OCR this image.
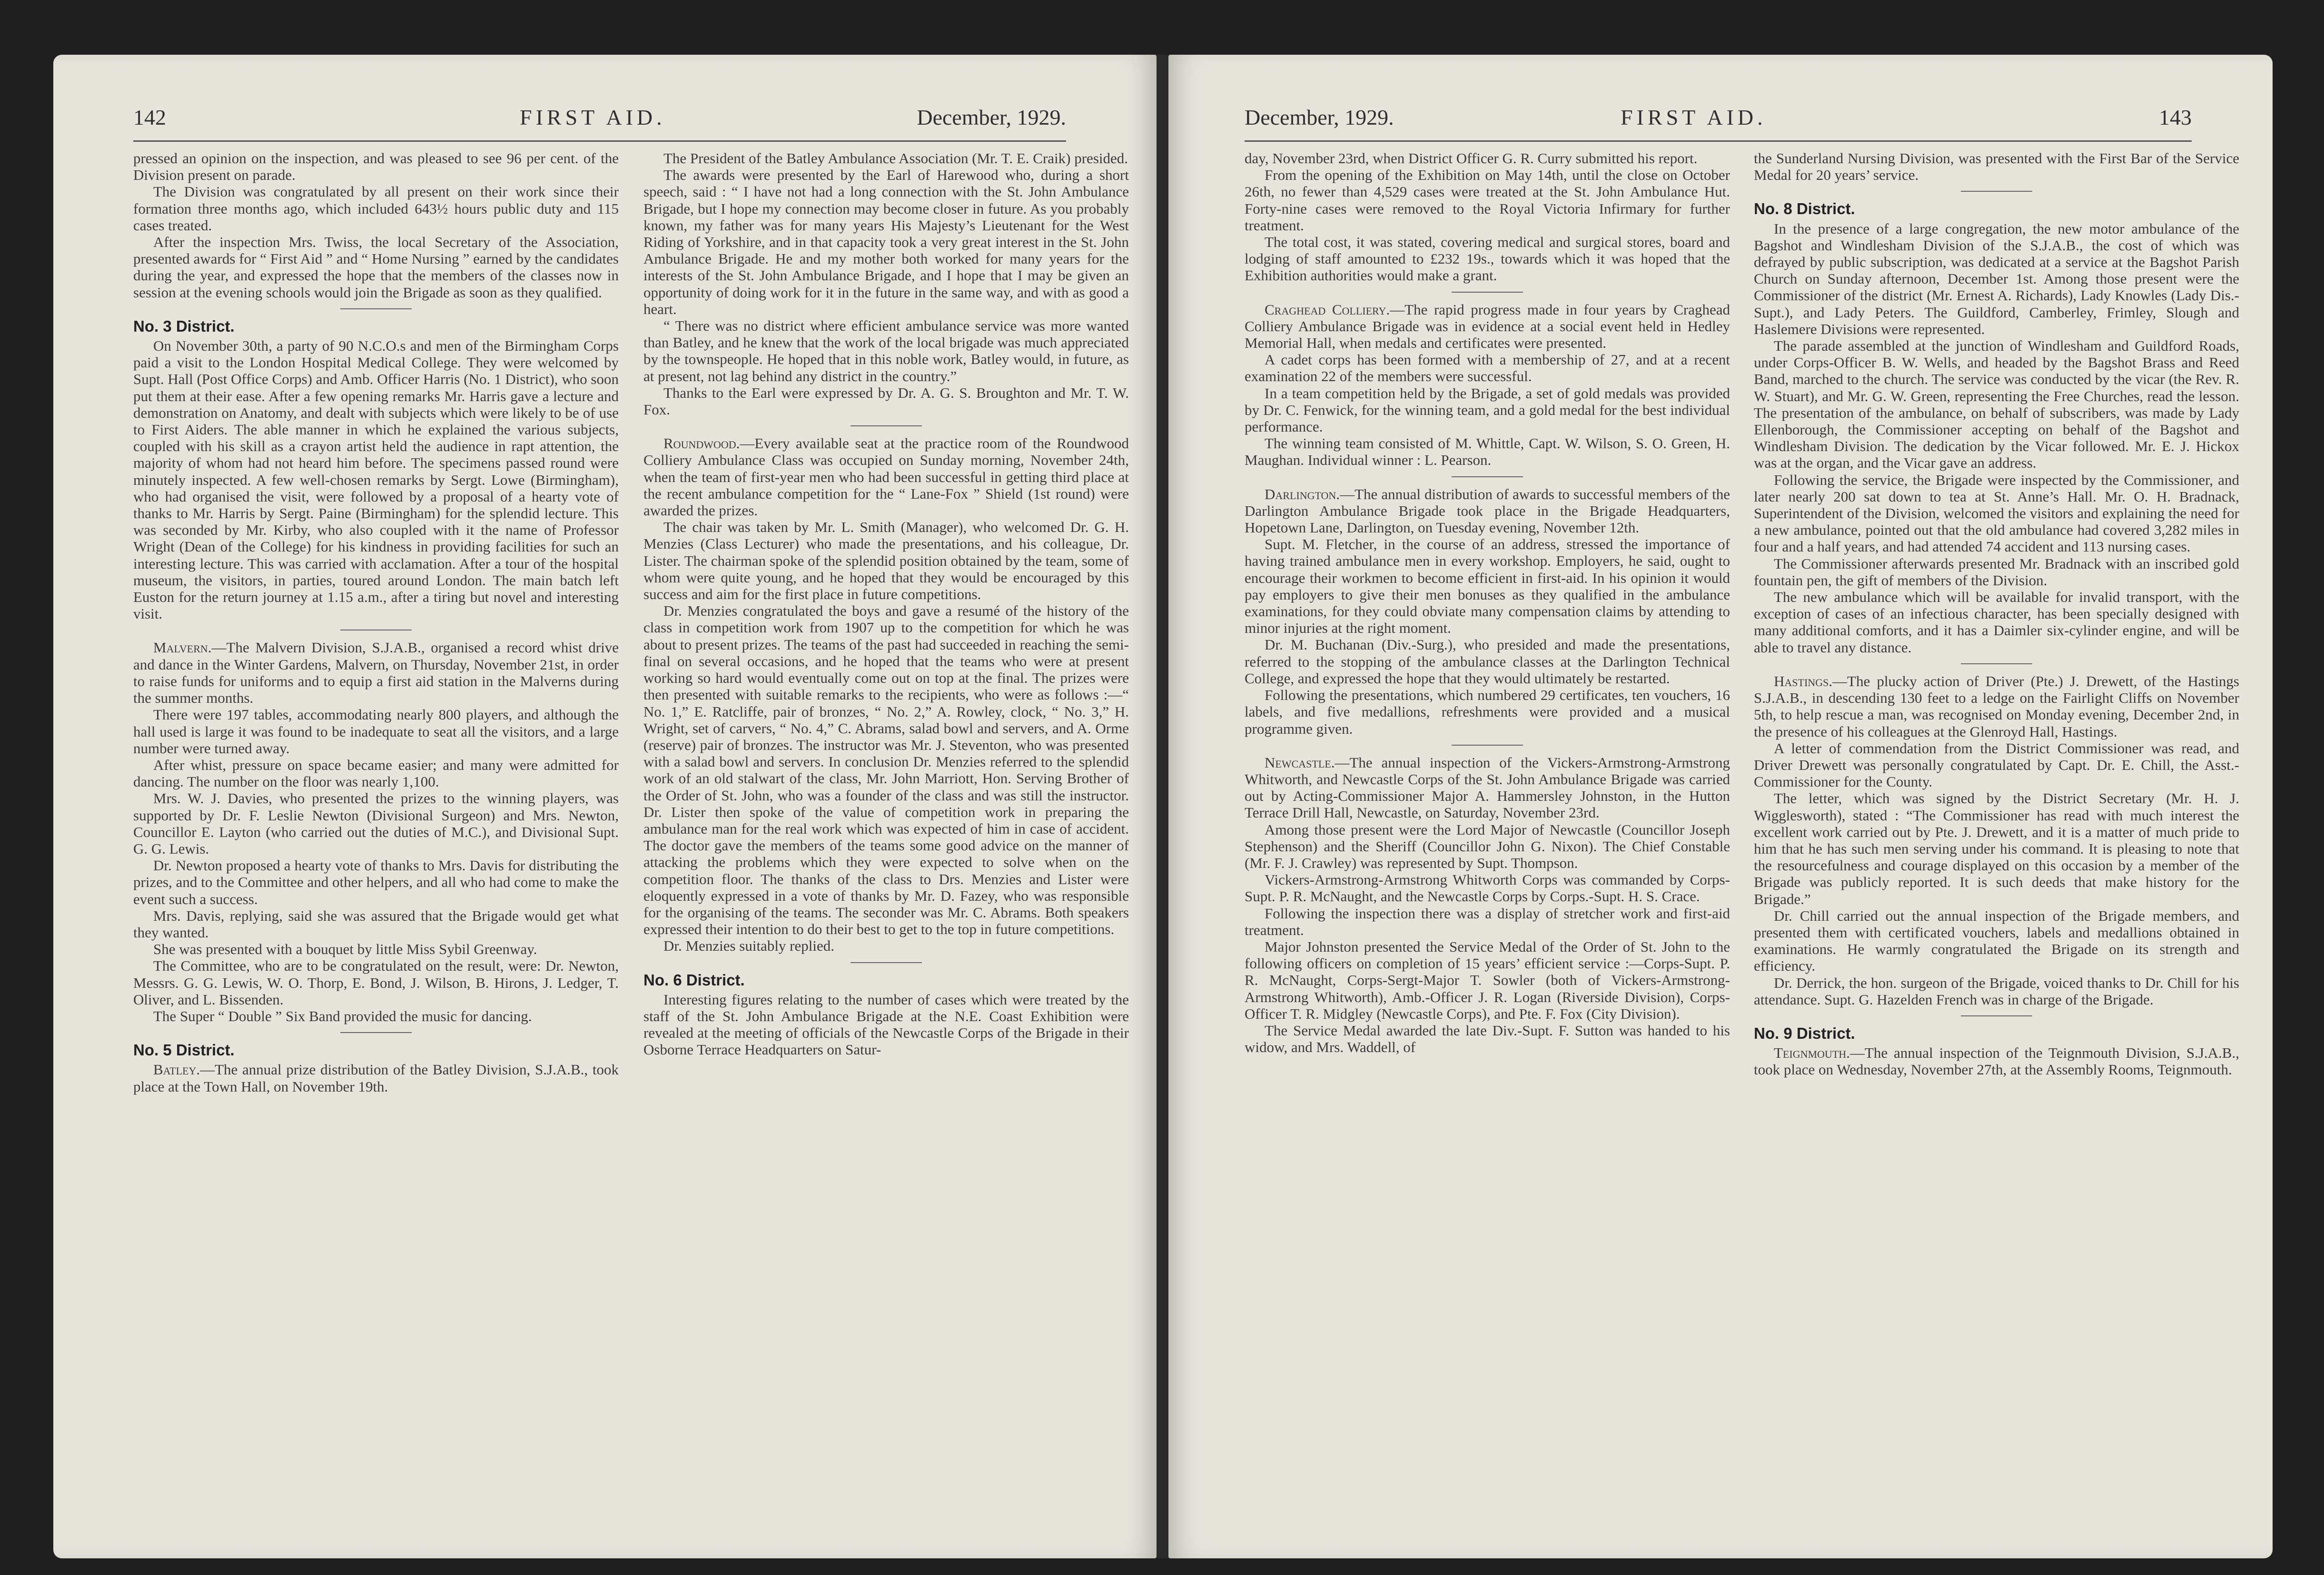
142	FIRST AID.	December, 1929.

pressed an opinion on the inspection, and was pleased to see 96 per cent. of the Division present on parade.

The Division was congratulated by all present on their work since their formation three months ago, which included 643½ hours public duty and 115 cases treated.

After the inspection Mrs. Twiss, the local Secretary of the Association, presented awards for “ First Aid ” and “ Home Nursing ” earned by the candidates during the year, and expressed the hope that the members of the classes now in session at the evening schools would join the Brigade as soon as they qualified.

No. 3 District.

On November 30th, a party of 90 N.C.O.s and men of the Birmingham Corps paid a visit to the London Hospital Medical College. They were welcomed by Supt. Hall (Post Office Corps) and Amb. Officer Harris (No. 1 District), who soon put them at their ease. After a few opening remarks Mr. Harris gave a lecture and demonstration on Anatomy, and dealt with subjects which were likely to be of use to First Aiders. The able manner in which he explained the various subjects, coupled with his skill as a crayon artist held the audience in rapt attention, the majority of whom had not heard him before. The specimens passed round were minutely inspected. A few well-chosen remarks by Sergt. Lowe (Birmingham), who had organised the visit, were followed by a proposal of a hearty vote of thanks to Mr. Harris by Sergt. Paine (Birmingham) for the splendid lecture. This was seconded by Mr. Kirby, who also coupled with it the name of Professor Wright (Dean of the College) for his kindness in providing facilities for such an interesting lecture. This was carried with acclamation. After a tour of the hospital museum, the visitors, in parties, toured around London. The main batch left Euston for the return journey at 1.15 a.m., after a tiring but novel and interesting visit.

Malvern.—The Malvern Division, S.J.A.B., organised a record whist drive and dance in the Winter Gardens, Malvern, on Thursday, November 21st, in order to raise funds for uniforms and to equip a first aid station in the Malverns during the summer months.

There were 197 tables, accommodating nearly 800 players, and although the hall used is large it was found to be inadequate to seat all the visitors, and a large number were turned away.

After whist, pressure on space became easier; and many were admitted for dancing. The number on the floor was nearly 1,100.

Mrs. W. J. Davies, who presented the prizes to the winning players, was supported by Dr. F. Leslie Newton (Divisional Surgeon) and Mrs. Newton, Councillor E. Layton (who carried out the duties of M.C.), and Divisional Supt. G. G. Lewis.

Dr. Newton proposed a hearty vote of thanks to Mrs. Davis for distributing the prizes, and to the Committee and other helpers, and all who had come to make the event such a success.

Mrs. Davis, replying, said she was assured that the Brigade would get what they wanted.

She was presented with a bouquet by little Miss Sybil Greenway.

The Committee, who are to be congratulated on the result, were: Dr. Newton, Messrs. G. G. Lewis, W. O. Thorp, E. Bond, J. Wilson, B. Hirons, J. Ledger, T. Oliver, and L. Bissenden.

The Super “ Double ” Six Band provided the music for dancing.

No. 5 District.

Batley.—The annual prize distribution of the Batley Division, S.J.A.B., took place at the Town Hall, on November 19th.

The President of the Batley Ambulance Association (Mr. T. E. Craik) presided.

The awards were presented by the Earl of Harewood who, during a short speech, said : “ I have not had a long connection with the St. John Ambulance Brigade, but I hope my connection may become closer in future. As you probably known, my father was for many years His Majesty’s Lieutenant for the West Riding of Yorkshire, and in that capacity took a very great interest in the St. John Ambulance Brigade. He and my mother both worked for many years for the interests of the St. John Ambulance Brigade, and I hope that I may be given an opportunity of doing work for it in the future in the same way, and with as good a heart.

“ There was no district where efficient ambulance service was more wanted than Batley, and he knew that the work of the local brigade was much appreciated by the townspeople. He hoped that in this noble work, Batley would, in future, as at present, not lag behind any district in the country.”

Thanks to the Earl were expressed by Dr. A. G. S. Broughton and Mr. T. W. Fox.

Roundwood.—Every available seat at the practice room of the Roundwood Colliery Ambulance Class was occupied on Sunday morning, November 24th, when the team of first-year men who had been successful in getting third place at the recent ambulance competition for the “ Lane-Fox ” Shield (1st round) were awarded the prizes.

The chair was taken by Mr. L. Smith (Manager), who welcomed Dr. G. H. Menzies (Class Lecturer) who made the presentations, and his colleague, Dr. Lister. The chairman spoke of the splendid position obtained by the team, some of whom were quite young, and he hoped that they would be encouraged by this success and aim for the first place in future competitions.

Dr. Menzies congratulated the boys and gave a resumé of the history of the class in competition work from 1907 up to the competition for which he was about to present prizes. The teams of the past had succeeded in reaching the semi-final on several occasions, and he hoped that the teams who were at present working so hard would eventually come out on top at the final. The prizes were then presented with suitable remarks to the recipients, who were as follows :—“ No. 1,” E. Ratcliffe, pair of bronzes, “ No. 2,” A. Rowley, clock, “ No. 3,” H. Wright, set of carvers, “ No. 4,” C. Abrams, salad bowl and servers, and A. Orme (reserve) pair of bronzes. The instructor was Mr. J. Steventon, who was presented with a salad bowl and servers. In conclusion Dr. Menzies referred to the splendid work of an old stalwart of the class, Mr. John Marriott, Hon. Serving Brother of the Order of St. John, who was a founder of the class and was still the instructor. Dr. Lister then spoke of the value of competition work in preparing the ambulance man for the real work which was expected of him in case of accident. The doctor gave the members of the teams some good advice on the manner of attacking the problems which they were expected to solve when on the competition floor. The thanks of the class to Drs. Menzies and Lister were eloquently expressed in a vote of thanks by Mr. D. Fazey, who was responsible for the organising of the teams. The seconder was Mr. C. Abrams. Both speakers expressed their intention to do their best to get to the top in future competitions.

Dr. Menzies suitably replied.

No. 6 District.

Interesting figures relating to the number of cases which were treated by the staff of the St. John Ambulance Brigade at the N.E. Coast Exhibition were revealed at the meeting of officials of the Newcastle Corps of the Brigade in their Osborne Terrace Headquarters on Satur-

December, 1929.	FIRST AID.	143

day, November 23rd, when District Officer G. R. Curry submitted his report.

From the opening of the Exhibition on May 14th, until the close on October 26th, no fewer than 4,529 cases were treated at the St. John Ambulance Hut. Forty-nine cases were removed to the Royal Victoria Infirmary for further treatment.

The total cost, it was stated, covering medical and surgical stores, board and lodging of staff amounted to £232 19s., towards which it was hoped that the Exhibition authorities would make a grant.

Craghead Colliery.—The rapid progress made in four years by Craghead Colliery Ambulance Brigade was in evidence at a social event held in Hedley Memorial Hall, when medals and certificates were presented.

A cadet corps has been formed with a membership of 27, and at a recent examination 22 of the members were successful.

In a team competition held by the Brigade, a set of gold medals was provided by Dr. C. Fenwick, for the winning team, and a gold medal for the best individual performance.

The winning team consisted of M. Whittle, Capt. W. Wilson, S. O. Green, H. Maughan. Individual winner : L. Pearson.

Darlington.—The annual distribution of awards to successful members of the Darlington Ambulance Brigade took place in the Brigade Headquarters, Hopetown Lane, Darlington, on Tuesday evening, November 12th.

Supt. M. Fletcher, in the course of an address, stressed the importance of having trained ambulance men in every workshop. Employers, he said, ought to encourage their workmen to become efficient in first-aid. In his opinion it would pay employers to give their men bonuses as they qualified in the ambulance examinations, for they could obviate many compensation claims by attending to minor injuries at the right moment.

Dr. M. Buchanan (Div.-Surg.), who presided and made the presentations, referred to the stopping of the ambulance classes at the Darlington Technical College, and expressed the hope that they would ultimately be restarted.

Following the presentations, which numbered 29 certificates, ten vouchers, 16 labels, and five medallions, refreshments were provided and a musical programme given.

Newcastle.—The annual inspection of the Vickers-Armstrong-Armstrong Whitworth, and Newcastle Corps of the St. John Ambulance Brigade was carried out by Acting-Commissioner Major A. Hammersley Johnston, in the Hutton Terrace Drill Hall, Newcastle, on Saturday, November 23rd.

Among those present were the Lord Major of Newcastle (Councillor Joseph Stephenson) and the Sheriff (Councillor John G. Nixon). The Chief Constable (Mr. F. J. Crawley) was represented by Supt. Thompson.

Vickers-Armstrong-Armstrong Whitworth Corps was commanded by Corps-Supt. P. R. McNaught, and the Newcastle Corps by Corps.-Supt. H. S. Crace.

Following the inspection there was a display of stretcher work and first-aid treatment.

Major Johnston presented the Service Medal of the Order of St. John to the following officers on completion of 15 years’ efficient service :—Corps-Supt. P. R. McNaught, Corps-Sergt-Major T. Sowler (both of Vickers-Armstrong-Armstrong Whitworth), Amb.-Officer J. R. Logan (Riverside Division), Corps-Officer T. R. Midgley (Newcastle Corps), and Pte. F. Fox (City Division).

The Service Medal awarded the late Div.-Supt. F. Sutton was handed to his widow, and Mrs. Waddell, of

the Sunderland Nursing Division, was presented with the First Bar of the Service Medal for 20 years’ service.

No. 8 District.

In the presence of a large congregation, the new motor ambulance of the Bagshot and Windlesham Division of the S.J.A.B., the cost of which was defrayed by public subscription, was dedicated at a service at the Bagshot Parish Church on Sunday afternoon, December 1st. Among those present were the Commissioner of the district (Mr. Ernest A. Richards), Lady Knowles (Lady Dis.-Supt.), and Lady Peters. The Guildford, Camberley, Frimley, Slough and Haslemere Divisions were represented.

The parade assembled at the junction of Windlesham and Guildford Roads, under Corps-Officer B. W. Wells, and headed by the Bagshot Brass and Reed Band, marched to the church. The service was conducted by the vicar (the Rev. R. W. Stuart), and Mr. G. W. Green, representing the Free Churches, read the lesson. The presentation of the ambulance, on behalf of subscribers, was made by Lady Ellenborough, the Commissioner accepting on behalf of the Bagshot and Windlesham Division. The dedication by the Vicar followed. Mr. E. J. Hickox was at the organ, and the Vicar gave an address.

Following the service, the Brigade were inspected by the Commissioner, and later nearly 200 sat down to tea at St. Anne’s Hall. Mr. O. H. Bradnack, Superintendent of the Division, welcomed the visitors and explaining the need for a new ambulance, pointed out that the old ambulance had covered 3,282 miles in four and a half years, and had attended 74 accident and 113 nursing cases.

The Commissioner afterwards presented Mr. Bradnack with an inscribed gold fountain pen, the gift of members of the Division.

The new ambulance which will be available for invalid transport, with the exception of cases of an infectious character, has been specially designed with many additional comforts, and it has a Daimler six-cylinder engine, and will be able to travel any distance.

Hastings.—The plucky action of Driver (Pte.) J. Drewett, of the Hastings S.J.A.B., in descending 130 feet to a ledge on the Fairlight Cliffs on November 5th, to help rescue a man, was recognised on Monday evening, December 2nd, in the presence of his colleagues at the Glenroyd Hall, Hastings.

A letter of commendation from the District Commissioner was read, and Driver Drewett was personally congratulated by Capt. Dr. E. Chill, the Asst.-Commissioner for the County.

The letter, which was signed by the District Secretary (Mr. H. J. Wigglesworth), stated : “The Commissioner has read with much interest the excellent work carried out by Pte. J. Drewett, and it is a matter of much pride to him that he has such men serving under his command. It is pleasing to note that the resourcefulness and courage displayed on this occasion by a member of the Brigade was publicly reported. It is such deeds that make history for the Brigade.”

Dr. Chill carried out the annual inspection of the Brigade members, and presented them with certificated vouchers, labels and medallions obtained in examinations. He warmly congratulated the Brigade on its strength and efficiency.

Dr. Derrick, the hon. surgeon of the Brigade, voiced thanks to Dr. Chill for his attendance. Supt. G. Hazelden French was in charge of the Brigade.

No. 9 District.

Teignmouth.—The annual inspection of the Teignmouth Division, S.J.A.B., took place on Wednesday, November 27th, at the Assembly Rooms, Teignmouth.
